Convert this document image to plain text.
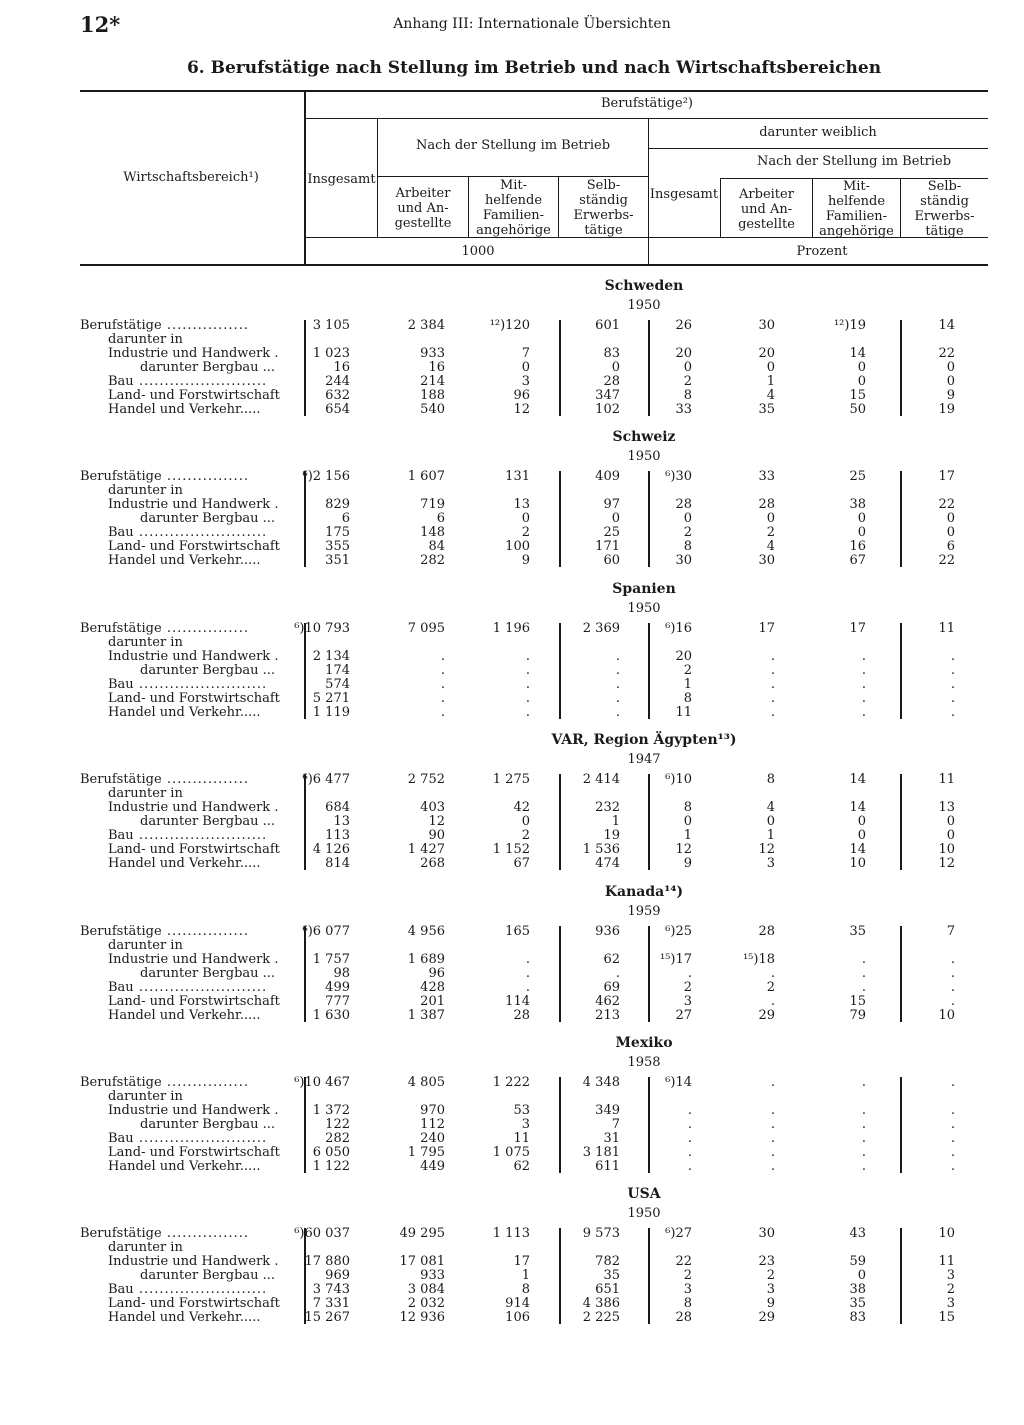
12*	Anhang III: Internationale Übersichten
6. Berufstätige nach Stellung im Betrieb und nach Wirtschaftsbereichen
Wirtschaftsbereich¹)
Berufstätige²)
Insgesamt
Nach der Stellung im Betrieb
darunter weiblich
Nach der Stellung im Betrieb
Arbeiter
und An-
gestellte
Mit-
helfende
Familien-
angehörige
Selb-
ständig
Erwerbs-
tätige
Insgesamt	Arbeiter
und An-
gestellte
Mit-
helfende
Familien-
angehörige
Selb-
ständig
Erwerbs-
tätige
1000	Prozent
Schweden
1950
Berufstätige ................	3 105	2 384	¹²)120	601	26	30	¹²)19	14
darunter in
Industrie und Handwerk .	1 023	933	7	83	20	20	14	22
darunter Bergbau ...	16	16	0	0	0	0	0	0
Bau .........................	244	214	3	28	2	1	0	0
Land- und Forstwirtschaft	632	188	96	347	8	4	15	9
Handel und Verkehr.....	654	540	12	102	33	35	50	19
Schweiz
1950
Berufstätige ................	⁶)2 156	1 607	131	409	⁶)30	33	25	17
darunter in
Industrie und Handwerk .	829	719	13	97	28	28	38	22
darunter Bergbau ...	6	6	0	0	0	0	0	0
Bau .........................	175	148	2	25	2	2	0	0
Land- und Forstwirtschaft	355	84	100	171	8	4	16	6
Handel und Verkehr.....	351	282	9	60	30	30	67	22
Spanien
1950
Berufstätige ................	⁶)10 793	7 095	1 196	2 369	⁶)16	17	17	11
darunter in
Industrie und Handwerk .	2 134	.	.	.	20	.	.	.
darunter Bergbau ...	174	.	.	.	2	.	.	.
Bau .........................	574	.	.	.	1	.	.	.
Land- und Forstwirtschaft	5 271	.	.	.	8	.	.	.
Handel und Verkehr.....	1 119	.	.	.	11	.	.	.
VAR, Region Ägypten¹³)
1947
Berufstätige ................	⁶)6 477	2 752	1 275	2 414	⁶)10	8	14	11
darunter in
Industrie und Handwerk .	684	403	42	232	8	4	14	13
darunter Bergbau ...	13	12	0	1	0	0	0	0
Bau .........................	113	90	2	19	1	1	0	0
Land- und Forstwirtschaft	4 126	1 427	1 152	1 536	12	12	14	10
Handel und Verkehr.....	814	268	67	474	9	3	10	12
Kanada¹⁴)
1959
Berufstätige ................	⁶)6 077	4 956	165	936	⁶)25	28	35	7
darunter in
Industrie und Handwerk .	1 757	1 689	.	62	¹⁵)17	¹⁵)18	.	.
darunter Bergbau ...	98	96	.	.	.	.	.	.
Bau .........................	499	428	.	69	2	2	.	.
Land- und Forstwirtschaft	777	201	114	462	3	.	15	.
Handel und Verkehr.....	1 630	1 387	28	213	27	29	79	10
Mexiko
1958
Berufstätige ................	⁶)10 467	4 805	1 222	4 348	⁶)14	.	.	.
darunter in
Industrie und Handwerk .	1 372	970	53	349	.	.	.	.
darunter Bergbau ...	122	112	3	7	.	.	.	.
Bau .........................	282	240	11	31	.	.	.	.
Land- und Forstwirtschaft	6 050	1 795	1 075	3 181	.	.	.	.
Handel und Verkehr.....	1 122	449	62	611	.	.	.	.
USA
1950
Berufstätige ................	⁶)60 037	49 295	1 113	9 573	⁶)27	30	43	10
darunter in
Industrie und Handwerk .	17 880	17 081	17	782	22	23	59	11
darunter Bergbau ...	969	933	1	35	2	2	0	3
Bau .........................	3 743	3 084	8	651	3	3	38	2
Land- und Forstwirtschaft	7 331	2 032	914	4 386	8	9	35	3
Handel und Verkehr.....	15 267	12 936	106	2 225	28	29	83	15
